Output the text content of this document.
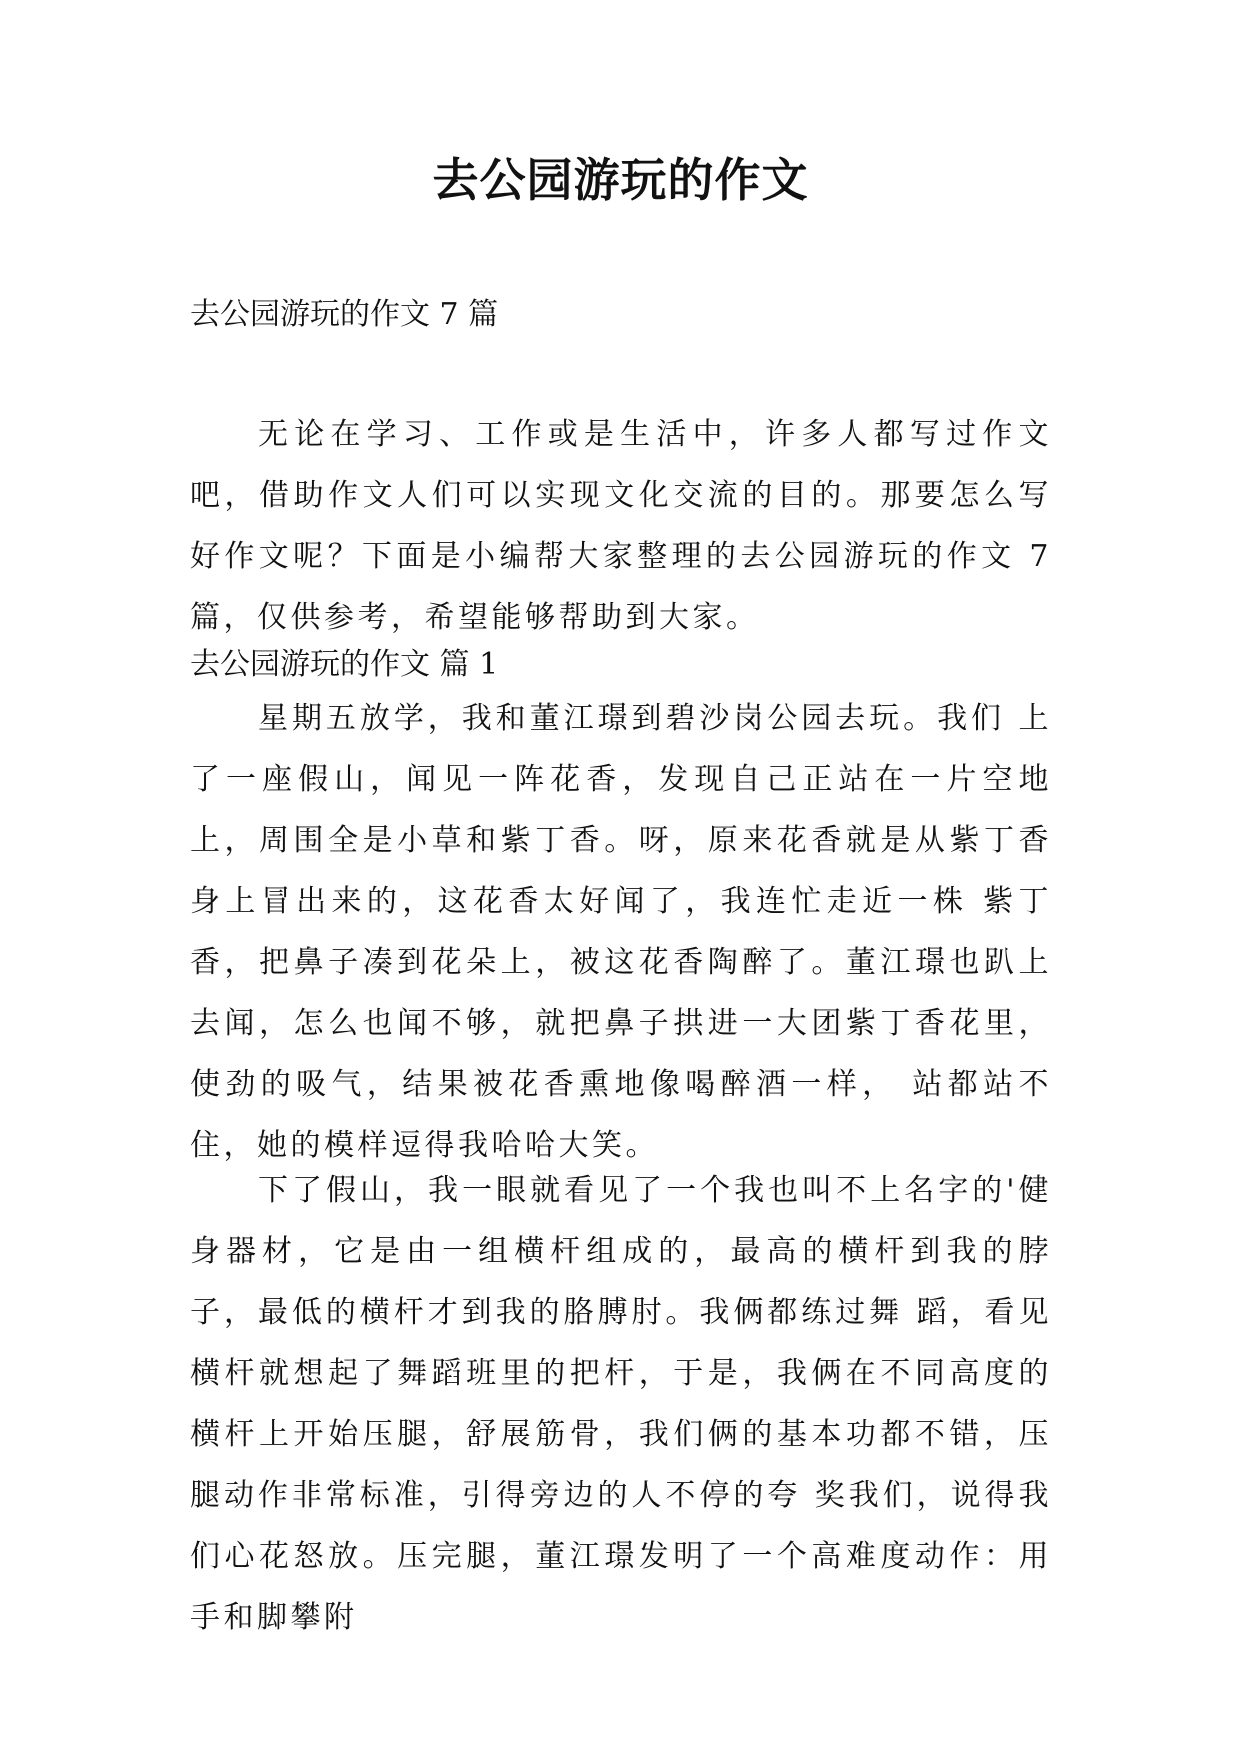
去公园游玩的作文

去公园游玩的作文 7 篇

无论在学习、工作或是生活中，许多人都写过作文吧，借助作文人们可以实现文化交流的目的。那要怎么写好作文呢？下面是小编帮大家整理的去公园游玩的作文 7 篇，仅供参考，希望能够帮助到大家。

去公园游玩的作文 篇 1

星期五放学，我和董江璟到碧沙岗公园去玩。我们 上了一座假山，闻见一阵花香，发现自己正站在一片空地上，周围全是小草和紫丁香。呀，原来花香就是从紫丁香身上冒出来的，这花香太好闻了，我连忙走近一株 紫丁香，把鼻子凑到花朵上，被这花香陶醉了。董江璟也趴上去闻，怎么也闻不够，就把鼻子拱进一大团紫丁香花里，使劲的吸气，结果被花香熏地像喝醉酒一样， 站都站不住，她的模样逗得我哈哈大笑。

下了假山，我一眼就看见了一个我也叫不上名字的'健身器材，它是由一组横杆组成的，最高的横杆到我的脖子，最低的横杆才到我的胳膊肘。我俩都练过舞 蹈，看见横杆就想起了舞蹈班里的把杆，于是，我俩在不同高度的横杆上开始压腿，舒展筋骨，我们俩的基本功都不错，压腿动作非常标准，引得旁边的人不停的夸 奖我们，说得我们心花怒放。压完腿，董江璟发明了一个高难度动作：用手和脚攀附
